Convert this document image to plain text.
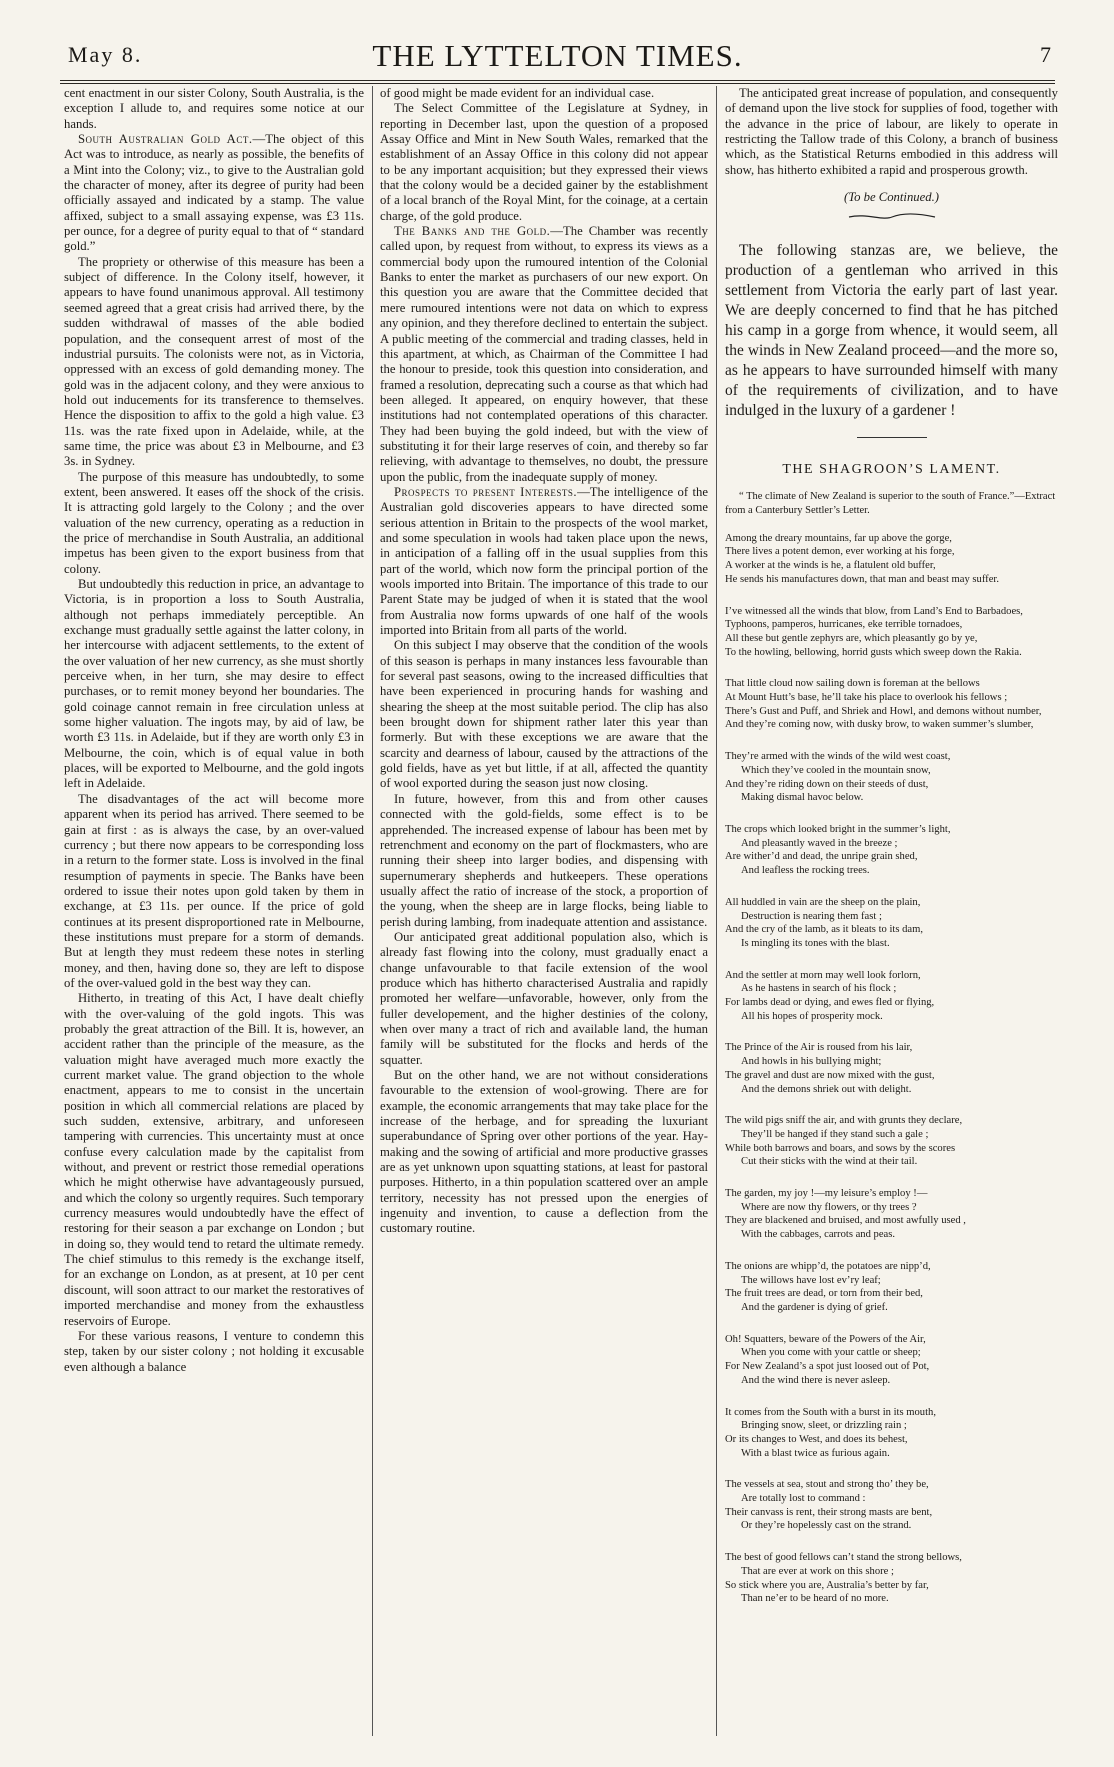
May 8.	THE LYTTELTON TIMES.	7

cent enactment in our sister Colony, South Australia, is the exception I allude to, and requires some notice at our hands.

South Australian Gold Act.—The object of this Act was to introduce, as nearly as possible, the benefits of a Mint into the Colony; viz., to give to the Australian gold the character of money, after its degree of purity had been officially assayed and indicated by a stamp. The value affixed, subject to a small assaying expense, was £3 11s. per ounce, for a degree of purity equal to that of “ standard gold.”

The propriety or otherwise of this measure has been a subject of difference. In the Colony itself, however, it appears to have found unanimous approval. All testimony seemed agreed that a great crisis had arrived there, by the sudden withdrawal of masses of the able bodied population, and the consequent arrest of most of the industrial pursuits. The colonists were not, as in Victoria, oppressed with an excess of gold demanding money. The gold was in the adjacent colony, and they were anxious to hold out inducements for its transference to themselves. Hence the disposition to affix to the gold a high value. £3 11s. was the rate fixed upon in Adelaide, while, at the same time, the price was about £3 in Melbourne, and £3 3s. in Sydney.

The purpose of this measure has undoubtedly, to some extent, been answered. It eases off the shock of the crisis. It is attracting gold largely to the Colony ; and the over valuation of the new currency, operating as a reduction in the price of merchandise in South Australia, an additional impetus has been given to the export business from that colony.

But undoubtedly this reduction in price, an advantage to Victoria, is in proportion a loss to South Australia, although not perhaps immediately perceptible. An exchange must gradually settle against the latter colony, in her intercourse with adjacent settlements, to the extent of the over valuation of her new currency, as she must shortly perceive when, in her turn, she may desire to effect purchases, or to remit money beyond her boundaries. The gold coinage cannot remain in free circulation unless at some higher valuation. The ingots may, by aid of law, be worth £3 11s. in Adelaide, but if they are worth only £3 in Melbourne, the coin, which is of equal value in both places, will be exported to Melbourne, and the gold ingots left in Adelaide.

The disadvantages of the act will become more apparent when its period has arrived. There seemed to be gain at first : as is always the case, by an over-valued currency ; but there now appears to be corresponding loss in a return to the former state. Loss is involved in the final resumption of payments in specie. The Banks have been ordered to issue their notes upon gold taken by them in exchange, at £3 11s. per ounce. If the price of gold continues at its present disproportioned rate in Melbourne, these institutions must prepare for a storm of demands. But at length they must redeem these notes in sterling money, and then, having done so, they are left to dispose of the over-valued gold in the best way they can.

Hitherto, in treating of this Act, I have dealt chiefly with the over-valuing of the gold ingots. This was probably the great attraction of the Bill. It is, however, an accident rather than the principle of the measure, as the valuation might have averaged much more exactly the current market value. The grand objection to the whole enactment, appears to me to consist in the uncertain position in which all commercial relations are placed by such sudden, extensive, arbitrary, and unforeseen tampering with currencies. This uncertainty must at once confuse every calculation made by the capitalist from without, and prevent or restrict those remedial operations which he might otherwise have advantageously pursued, and which the colony so urgently requires. Such temporary currency measures would undoubtedly have the effect of restoring for their season a par exchange on London ; but in doing so, they would tend to retard the ultimate remedy. The chief stimulus to this remedy is the exchange itself, for an exchange on London, as at present, at 10 per cent discount, will soon attract to our market the restoratives of imported merchandise and money from the exhaustless reservoirs of Europe.

For these various reasons, I venture to condemn this step, taken by our sister colony ; not holding it excusable even although a balance

of good might be made evident for an individual case.

The Select Committee of the Legislature at Sydney, in reporting in December last, upon the question of a proposed Assay Office and Mint in New South Wales, remarked that the establishment of an Assay Office in this colony did not appear to be any important acquisition; but they expressed their views that the colony would be a decided gainer by the establishment of a local branch of the Royal Mint, for the coinage, at a certain charge, of the gold produce.

The Banks and the Gold.—The Chamber was recently called upon, by request from without, to express its views as a commercial body upon the rumoured intention of the Colonial Banks to enter the market as purchasers of our new export. On this question you are aware that the Committee decided that mere rumoured intentions were not data on which to express any opinion, and they therefore declined to entertain the subject. A public meeting of the commercial and trading classes, held in this apartment, at which, as Chairman of the Committee I had the honour to preside, took this question into consideration, and framed a resolution, deprecating such a course as that which had been alleged. It appeared, on enquiry however, that these institutions had not contemplated operations of this character. They had been buying the gold indeed, but with the view of substituting it for their large reserves of coin, and thereby so far relieving, with advantage to themselves, no doubt, the pressure upon the public, from the inadequate supply of money.

Prospects to present Interests.—The intelligence of the Australian gold discoveries appears to have directed some serious attention in Britain to the prospects of the wool market, and some speculation in wools had taken place upon the news, in anticipation of a falling off in the usual supplies from this part of the world, which now form the principal portion of the wools imported into Britain. The importance of this trade to our Parent State may be judged of when it is stated that the wool from Australia now forms upwards of one half of the wools imported into Britain from all parts of the world.

On this subject I may observe that the condition of the wools of this season is perhaps in many instances less favourable than for several past seasons, owing to the increased difficulties that have been experienced in procuring hands for washing and shearing the sheep at the most suitable period. The clip has also been brought down for shipment rather later this year than formerly. But with these exceptions we are aware that the scarcity and dearness of labour, caused by the attractions of the gold fields, have as yet but little, if at all, affected the quantity of wool exported during the season just now closing.

In future, however, from this and from other causes connected with the gold-fields, some effect is to be apprehended. The increased expense of labour has been met by retrenchment and economy on the part of flockmasters, who are running their sheep into larger bodies, and dispensing with supernumerary shepherds and hutkeepers. These operations usually affect the ratio of increase of the stock, a proportion of the young, when the sheep are in large flocks, being liable to perish during lambing, from inadequate attention and assistance.

Our anticipated great additional population also, which is already fast flowing into the colony, must gradually enact a change unfavourable to that facile extension of the wool produce which has hitherto characterised Australia and rapidly promoted her welfare—unfavorable, however, only from the fuller developement, and the higher destinies of the colony, when over many a tract of rich and available land, the human family will be substituted for the flocks and herds of the squatter.

But on the other hand, we are not without considerations favourable to the extension of wool-growing. There are for example, the economic arrangements that may take place for the increase of the herbage, and for spreading the luxuriant superabundance of Spring over other portions of the year. Hay-making and the sowing of artificial and more productive grasses are as yet unknown upon squatting stations, at least for pastoral purposes. Hitherto, in a thin population scattered over an ample territory, necessity has not pressed upon the energies of ingenuity and invention, to cause a deflection from the customary routine.

The anticipated great increase of population, and consequently of demand upon the live stock for supplies of food, together with the advance in the price of labour, are likely to operate in restricting the Tallow trade of this Colony, a branch of business which, as the Statistical Returns embodied in this address will show, has hitherto exhibited a rapid and prosperous growth.

(To be Continued.)

The following stanzas are, we believe, the production of a gentleman who arrived in this settlement from Victoria the early part of last year. We are deeply concerned to find that he has pitched his camp in a gorge from whence, it would seem, all the winds in New Zealand proceed—and the more so, as he appears to have surrounded himself with many of the requirements of civilization, and to have indulged in the luxury of a gardener !

THE SHAGROON’S LAMENT.
“ The climate of New Zealand is superior to the south of France.”—Extract from a Canterbury Settler’s Letter.
Among the dreary mountains, far up above the gorge,
There lives a potent demon, ever working at his forge,
A worker at the winds is he, a flatulent old buffer,
He sends his manufactures down, that man and beast may suffer.
I’ve witnessed all the winds that blow, from Land’s End to Barbadoes,
Typhoons, pamperos, hurricanes, eke terrible tornadoes,
All these but gentle zephyrs are, which pleasantly go by ye,
To the howling, bellowing, horrid gusts which sweep down the Rakia.
That little cloud now sailing down is foreman at the bellows
At Mount Hutt’s base, he’ll take his place to overlook his fellows ;
There’s Gust and Puff, and Shriek and Howl, and demons without number,
And they’re coming now, with dusky brow, to waken summer’s slumber,
They’re armed with the winds of the wild west coast,
Which they’ve cooled in the mountain snow,
And they’re riding down on their steeds of dust,
Making dismal havoc below.
The crops which looked bright in the summer’s light,
And pleasantly waved in the breeze ;
Are wither’d and dead, the unripe grain shed,
And leafless the rocking trees.
All huddled in vain are the sheep on the plain,
Destruction is nearing them fast ;
And the cry of the lamb, as it bleats to its dam,
Is mingling its tones with the blast.
And the settler at morn may well look forlorn,
As he hastens in search of his flock ;
For lambs dead or dying, and ewes fled or flying,
All his hopes of prosperity mock.
The Prince of the Air is roused from his lair,
And howls in his bullying might;
The gravel and dust are now mixed with the gust,
And the demons shriek out with delight.
The wild pigs sniff the air, and with grunts they declare,
They’ll be hanged if they stand such a gale ;
While both barrows and boars, and sows by the scores
Cut their sticks with the wind at their tail.
The garden, my joy !—my leisure’s employ !—
Where are now thy flowers, or thy trees ?
They are blackened and bruised, and most awfully used ,
With the cabbages, carrots and peas.
The onions are whipp’d, the potatoes are nipp’d,
The willows have lost ev’ry leaf;
The fruit trees are dead, or torn from their bed,
And the gardener is dying of grief.
Oh! Squatters, beware of the Powers of the Air,
When you come with your cattle or sheep;
For New Zealand’s a spot just loosed out of Pot,
And the wind there is never asleep.
It comes from the South with a burst in its mouth,
Bringing snow, sleet, or drizzling rain ;
Or its changes to West, and does its behest,
With a blast twice as furious again.
The vessels at sea, stout and strong tho’ they be,
Are totally lost to command :
Their canvass is rent, their strong masts are bent,
Or they’re hopelessly cast on the strand.
The best of good fellows can’t stand the strong bellows,
That are ever at work on this shore ;
So stick where you are, Australia’s better by far,
Than ne’er to be heard of no more.
